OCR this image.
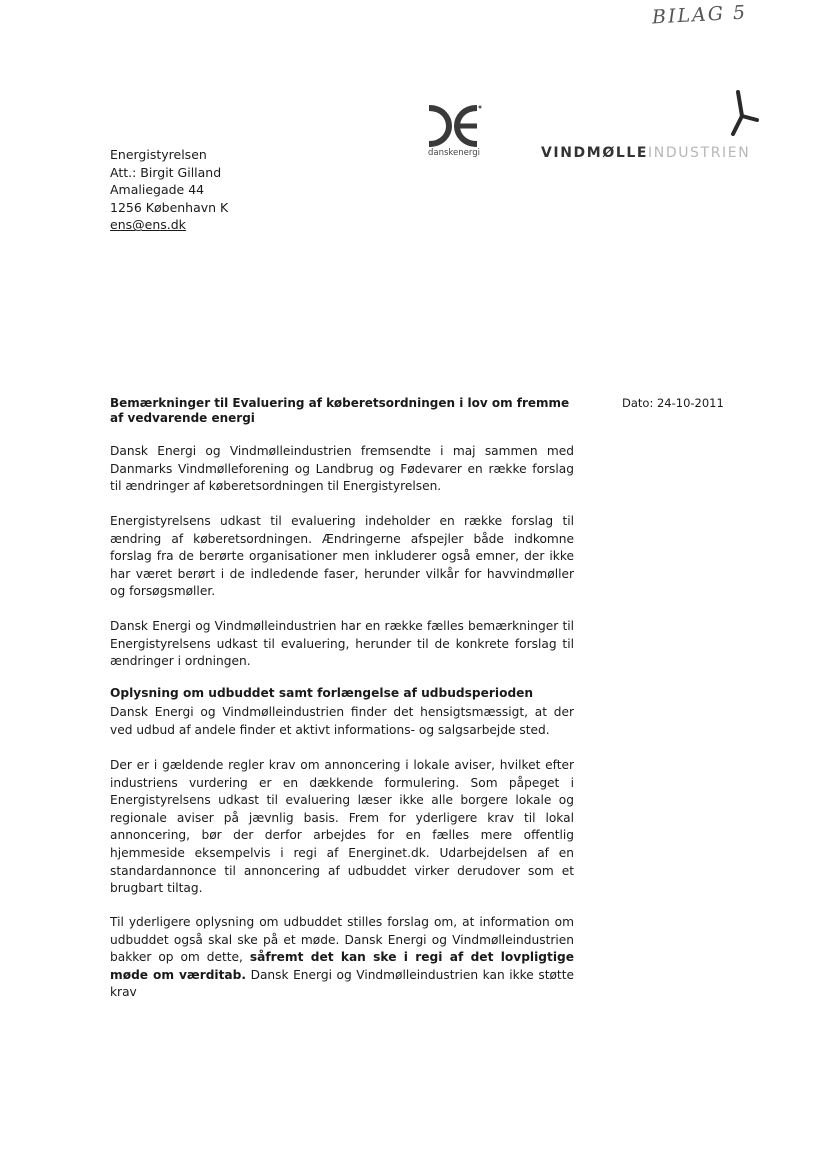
BILAG 5
danskenergi	VINDMØLLEINDUSTRIEN
Energistyrelsen
Att.: Birgit Gilland
Amaliegade 44
1256 København K
ens@ens.dk
Bemærkninger til Evaluering af køberetsordningen i lov om fremme af vedvarende energi
Dato: 24-10-2011
Dansk Energi og Vindmølleindustrien fremsendte i maj sammen med Danmarks Vindmølleforening og Landbrug og Fødevarer en række forslag til ændringer af køberetsordningen til Energistyrelsen.
Energistyrelsens udkast til evaluering indeholder en række forslag til ændring af køberetsordningen. Ændringerne afspejler både indkomne forslag fra de berørte organisationer men inkluderer også emner, der ikke har været berørt i de indledende faser, herunder vilkår for havvindmøller og forsøgsmøller.
Dansk Energi og Vindmølleindustrien har en række fælles bemærkninger til Energistyrelsens udkast til evaluering, herunder til de konkrete forslag til ændringer i ordningen.
Oplysning om udbuddet samt forlængelse af udbudsperioden
Dansk Energi og Vindmølleindustrien finder det hensigtsmæssigt, at der ved udbud af andele finder et aktivt informations- og salgsarbejde sted.
Der er i gældende regler krav om annoncering i lokale aviser, hvilket efter industriens vurdering er en dækkende formulering. Som påpeget i Energistyrelsens udkast til evaluering læser ikke alle borgere lokale og regionale aviser på jævnlig basis. Frem for yderligere krav til lokal annoncering, bør der derfor arbejdes for en fælles mere offentlig hjemmeside eksempelvis i regi af Energinet.dk. Udarbejdelsen af en standardannonce til annoncering af udbuddet virker derudover som et brugbart tiltag.
Til yderligere oplysning om udbuddet stilles forslag om, at information om udbuddet også skal ske på et møde. Dansk Energi og Vindmølleindustrien bakker op om dette, såfremt det kan ske i regi af det lovpligtige møde om værditab. Dansk Energi og Vindmølleindustrien kan ikke støtte krav
